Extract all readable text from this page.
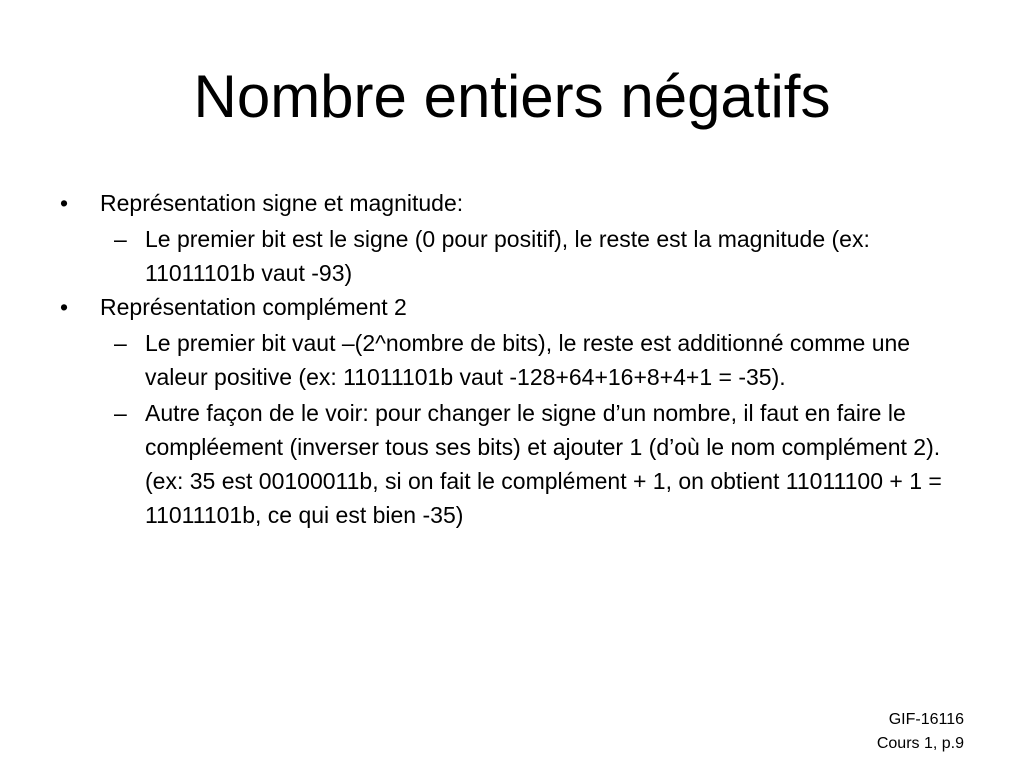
Nombre entiers négatifs
• Représentation signe et magnitude:
– Le premier bit est le signe (0 pour positif), le reste est la magnitude (ex: 11011101b vaut -93)
• Représentation complément 2
– Le premier bit vaut –(2^nombre de bits), le reste est additionné comme une valeur positive (ex: 11011101b vaut -128+64+16+8+4+1 = -35).
– Autre façon de le voir: pour changer le signe d’un nombre, il faut en faire le compléement (inverser tous ses bits) et ajouter 1 (d’où le nom complément 2). (ex: 35 est 00100011b, si on fait le complément + 1, on obtient 11011100 + 1 = 11011101b, ce qui est bien -35)
GIF-16116
Cours 1, p.9
